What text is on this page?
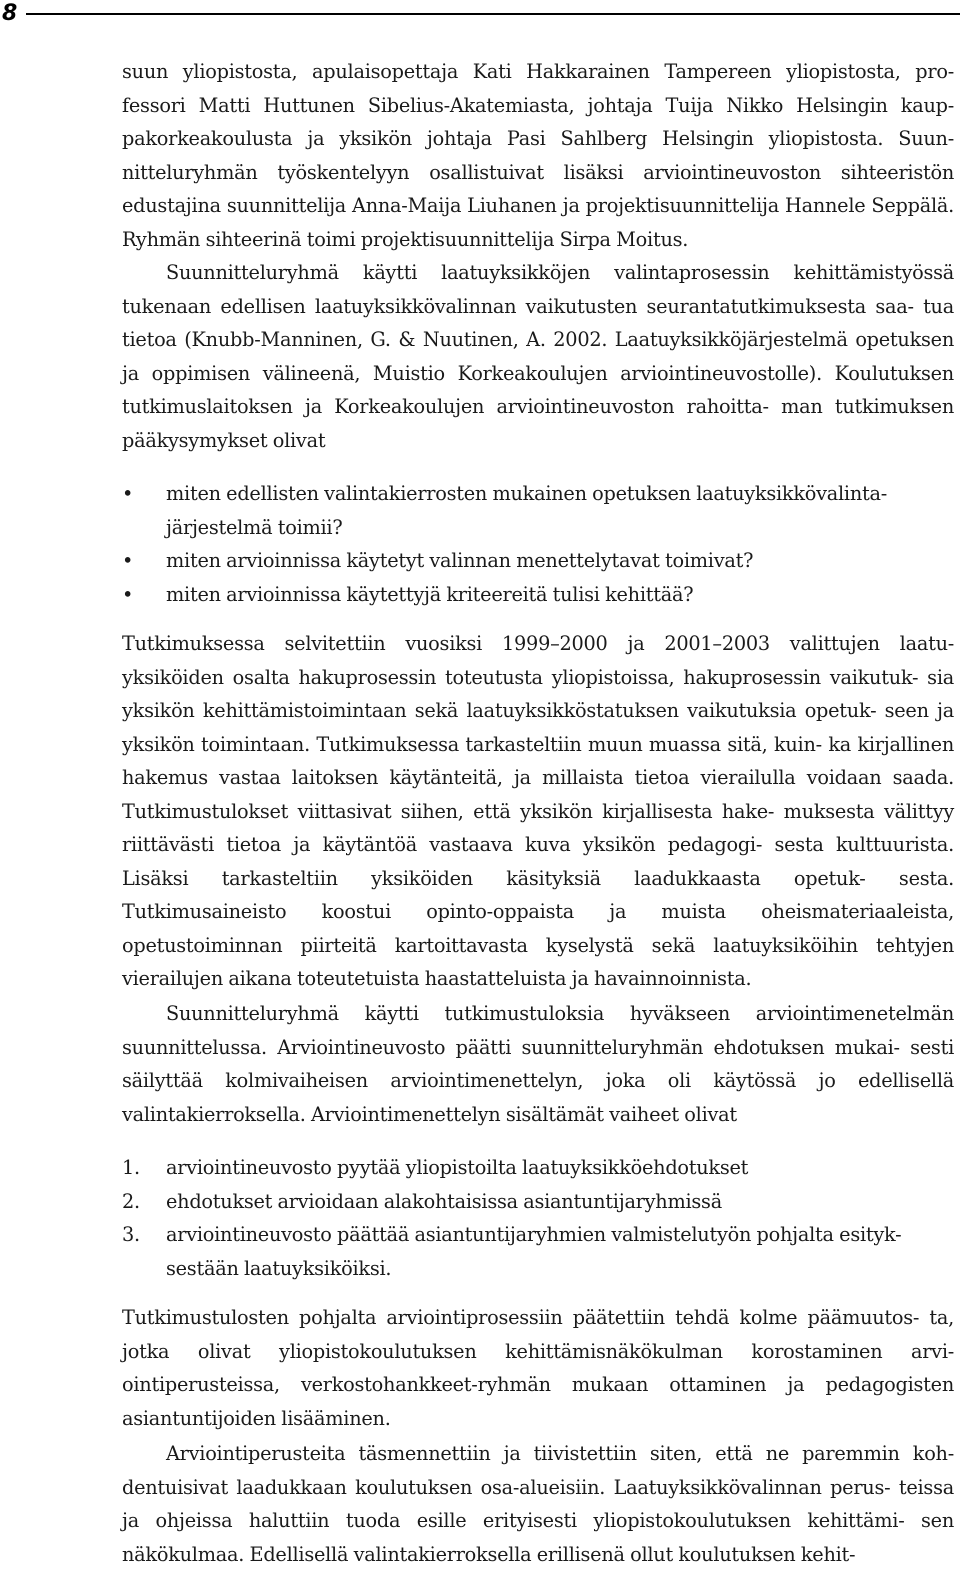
8

suun yliopistosta, apulaisopettaja Kati Hakkarainen Tampereen yliopistosta, pro- fessori Matti Huttunen Sibelius-Akatemiasta, johtaja Tuija Nikko Helsingin kaup- pakorkeakoulusta ja yksikön johtaja Pasi Sahlberg Helsingin yliopistosta. Suun- nitteluryhmän työskentelyyn osallistuivat lisäksi arviointineuvoston sihteeristön edustajina suunnittelija Anna-Maija Liuhanen ja projektisuunnittelija Hannele Seppälä. Ryhmän sihteerinä toimi projektisuunnittelija Sirpa Moitus.

Suunnitteluryhmä käytti laatuyksikköjen valintaprosessin kehittämistyössä tukenaan edellisen laatuyksikkövalinnan vaikutusten seurantatutkimuksesta saa- tua tietoa (Knubb-Manninen, G. & Nuutinen, A. 2002. Laatuyksikköjärjestelmä opetuksen ja oppimisen välineenä, Muistio Korkeakoulujen arviointineuvostolle). Koulutuksen tutkimuslaitoksen ja Korkeakoulujen arviointineuvoston rahoitta- man tutkimuksen pääkysymykset olivat

• miten edellisten valintakierrosten mukainen opetuksen laatuyksikkövalinta-
järjestelmä toimii?
• miten arvioinnissa käytetyt valinnan menettelytavat toimivat?
• miten arvioinnissa käytettyjä kriteereitä tulisi kehittää?

Tutkimuksessa selvitettiin vuosiksi 1999–2000 ja 2001–2003 valittujen laatu- yksiköiden osalta hakuprosessin toteutusta yliopistoissa, hakuprosessin vaikutuk- sia yksikön kehittämistoimintaan sekä laatuyksikköstatuksen vaikutuksia opetuk- seen ja yksikön toimintaan. Tutkimuksessa tarkasteltiin muun muassa sitä, kuin- ka kirjallinen hakemus vastaa laitoksen käytänteitä, ja millaista tietoa vierailulla voidaan saada. Tutkimustulokset viittasivat siihen, että yksikön kirjallisesta hake- muksesta välittyy riittävästi tietoa ja käytäntöä vastaava kuva yksikön pedagogi- sesta kulttuurista. Lisäksi tarkasteltiin yksiköiden käsityksiä laadukkaasta opetuk- sesta. Tutkimusaineisto koostui opinto-oppaista ja muista oheismateriaaleista, opetustoiminnan piirteitä kartoittavasta kyselystä sekä laatuyksiköihin tehtyjen vierailujen aikana toteutetuista haastatteluista ja havainnoinnista.

Suunnitteluryhmä käytti tutkimustuloksia hyväkseen arviointimenetelmän suunnittelussa. Arviointineuvosto päätti suunnitteluryhmän ehdotuksen mukai- sesti säilyttää kolmivaiheisen arviointimenettelyn, joka oli käytössä jo edellisellä valintakierroksella. Arviointimenettelyn sisältämät vaiheet olivat

1. arviointineuvosto pyytää yliopistoilta laatuyksikköehdotukset
2. ehdotukset arvioidaan alakohtaisissa asiantuntijaryhmissä
3. arviointineuvosto päättää asiantuntijaryhmien valmistelutyön pohjalta esityk-
sestään laatuyksiköiksi.

Tutkimustulosten pohjalta arviointiprosessiin päätettiin tehdä kolme päämuutos- ta, jotka olivat yliopistokoulutuksen kehittämisnäkökulman korostaminen arvi- ointiperusteissa, verkostohankkeet-ryhmän mukaan ottaminen ja pedagogisten asiantuntijoiden lisääminen.

Arviointiperusteita täsmennettiin ja tiivistettiin siten, että ne paremmin koh- dentuisivat laadukkaan koulutuksen osa-alueisiin. Laatuyksikkövalinnan perus- teissa ja ohjeissa haluttiin tuoda esille erityisesti yliopistokoulutuksen kehittämi- sen näkökulmaa. Edellisellä valintakierroksella erillisenä ollut koulutuksen kehit-
